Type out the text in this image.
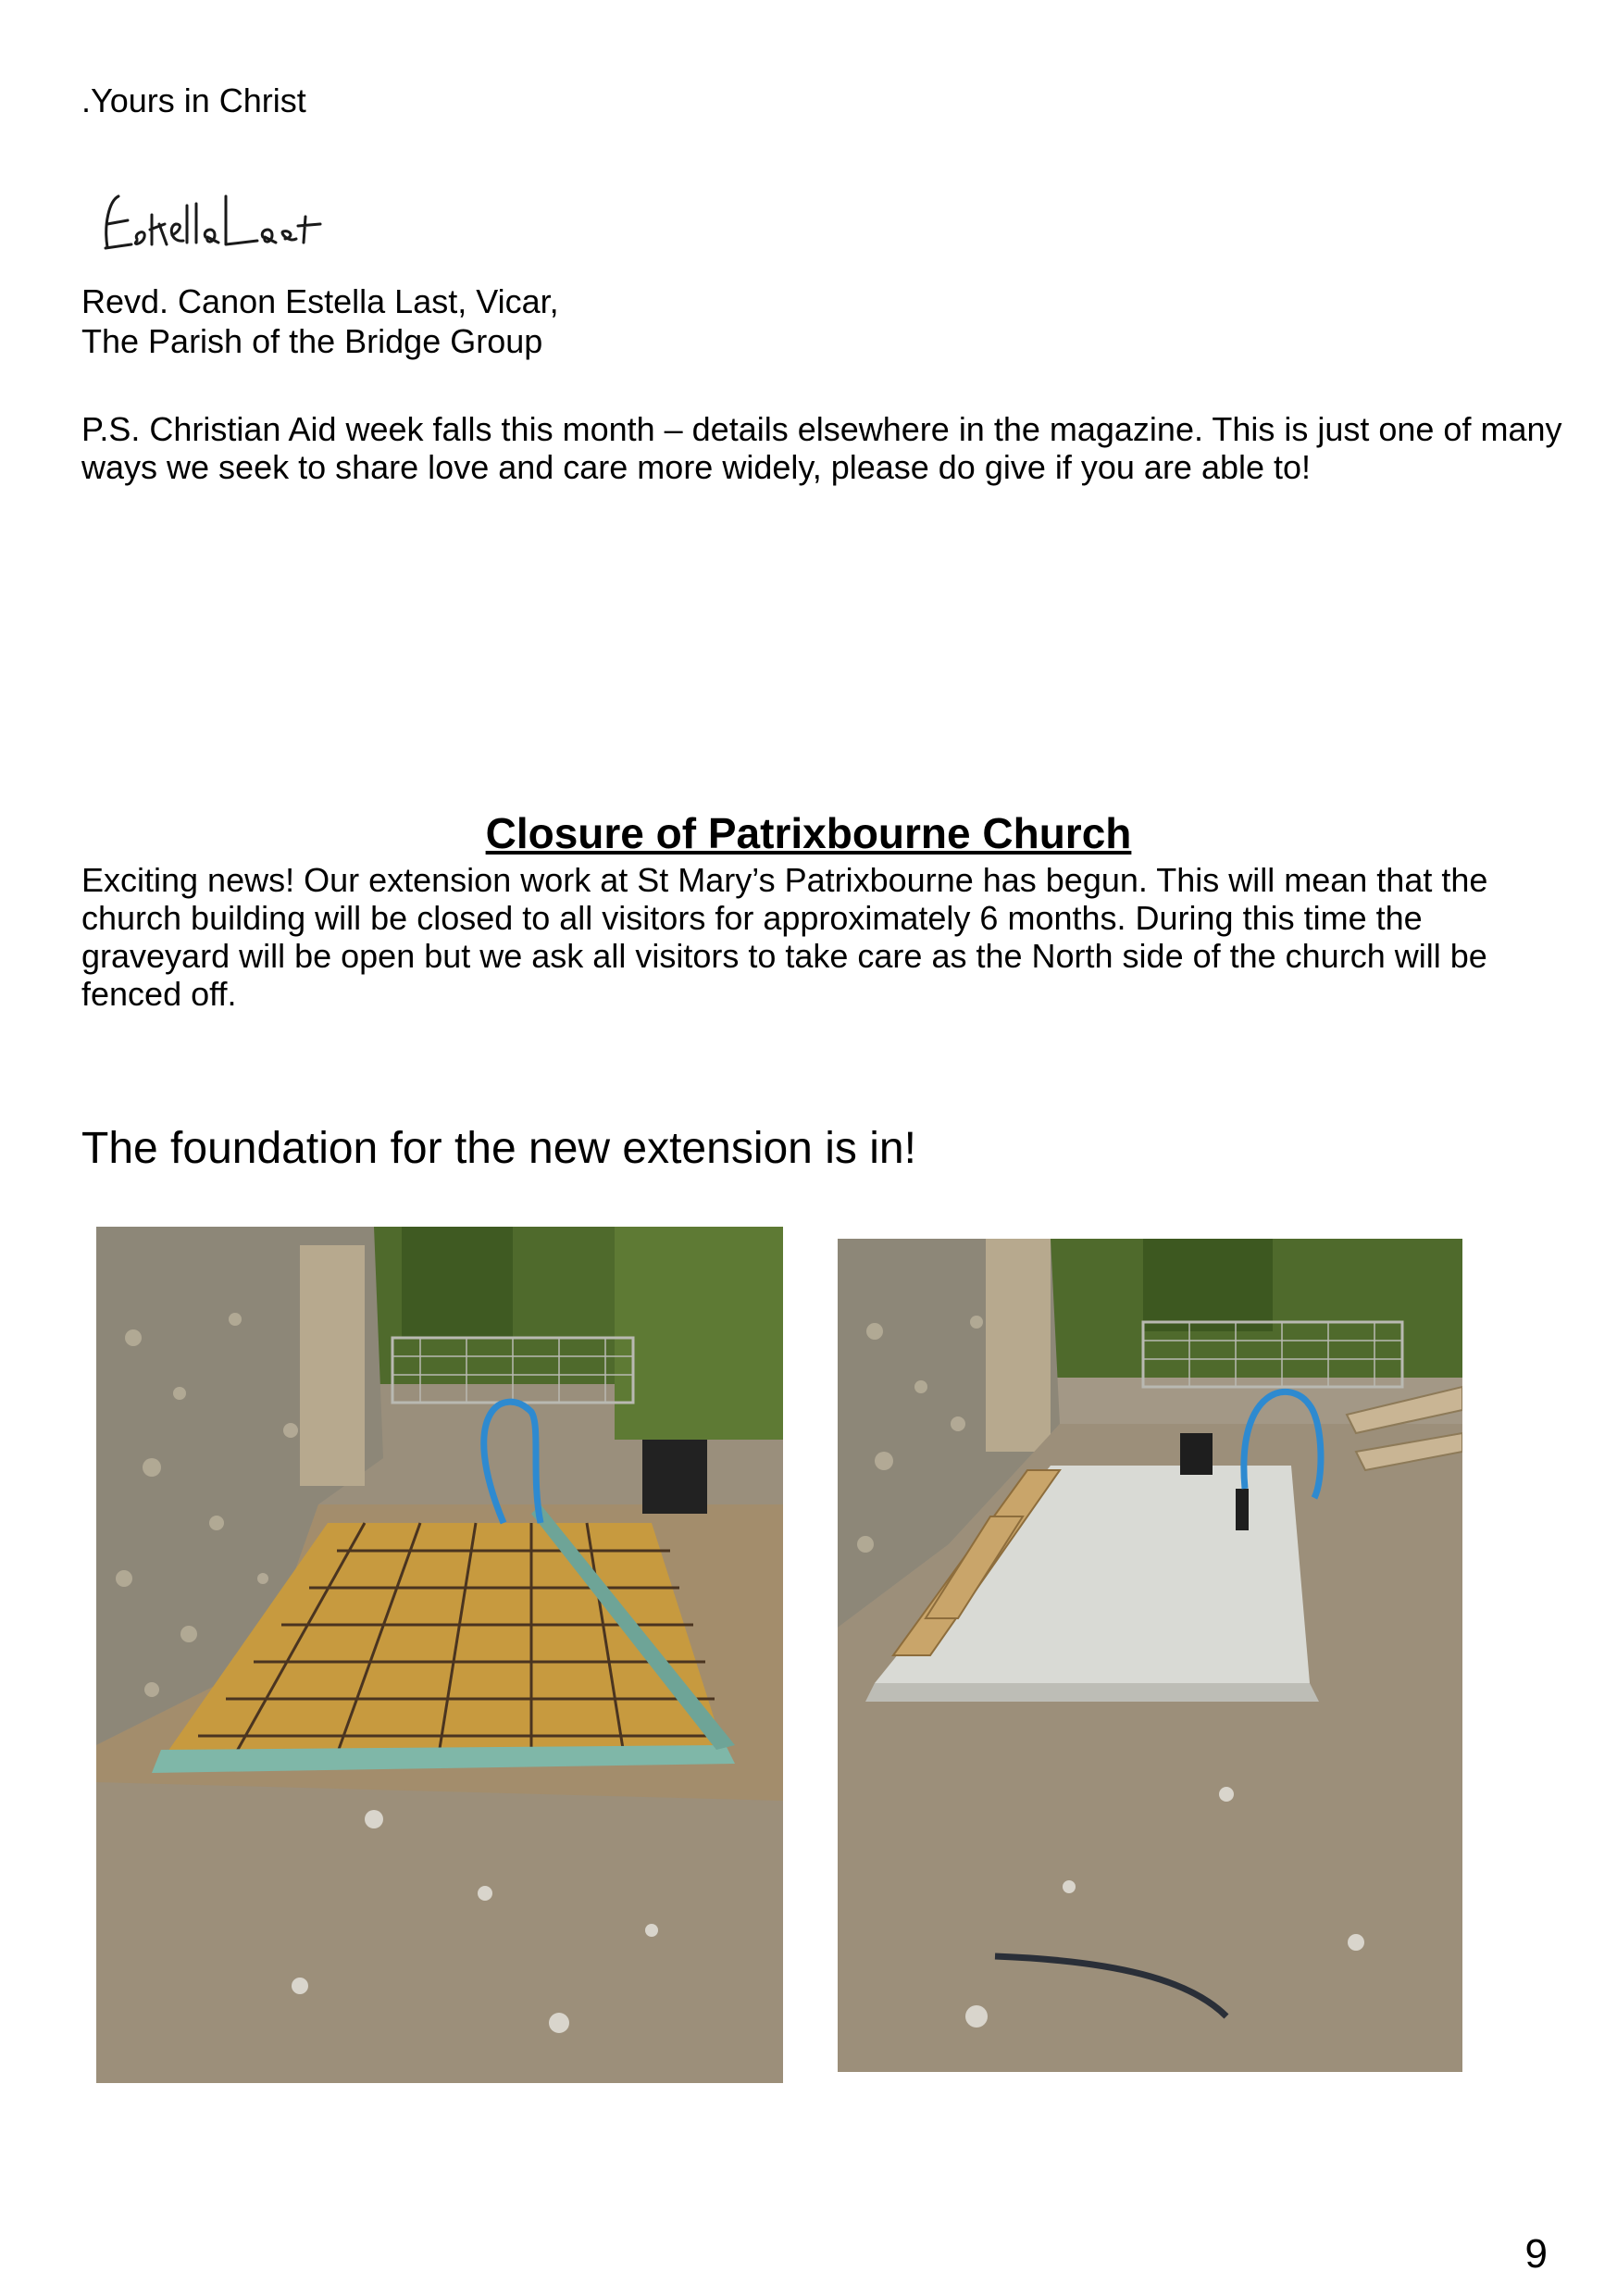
.Yours in Christ

Revd. Canon Estella Last, Vicar,

The Parish of the Bridge Group

P.S. Christian Aid week falls this month – details elsewhere in the magazine. This is just one of many ways we seek to share love and care more widely, please do give if you are able to!

Closure of Patrixbourne Church

Exciting news! Our extension work at St Mary’s Patrixbourne has begun. This will mean that the church building will be closed to all visitors for approximately 6 months. During this time the graveyard will be open but we ask all visitors to take care as the North side of the church will be fenced off.

The foundation for the new extension is in!

9
